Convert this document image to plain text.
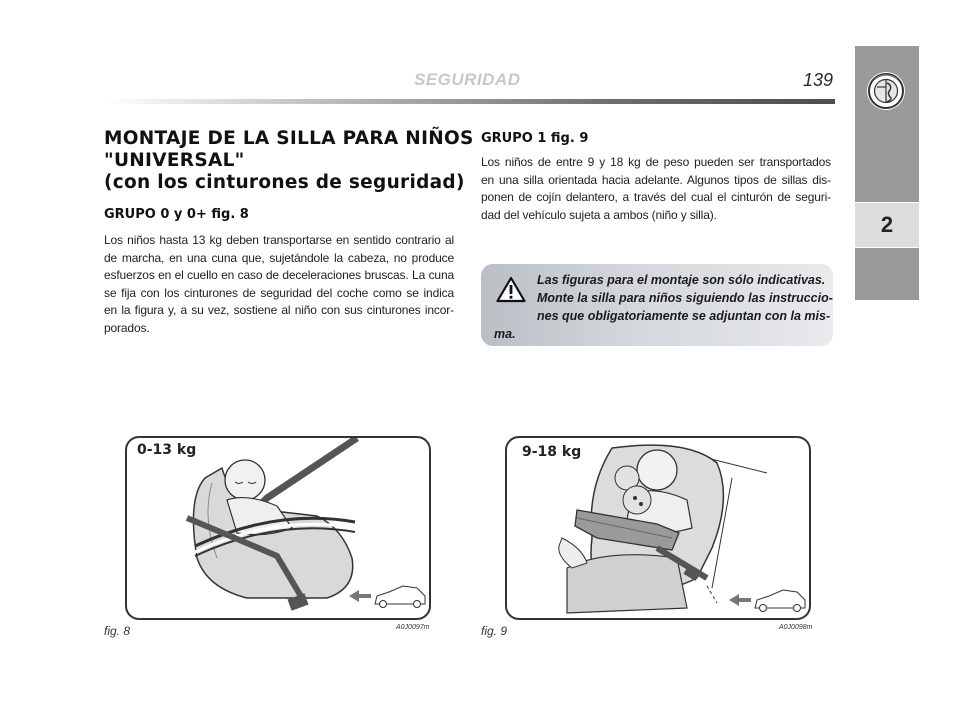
SEGURIDAD	139
2
MONTAJE DE LA SILLA PARA NIÑOS
"UNIVERSAL"
(con los cinturones de seguridad)
GRUPO 0 y 0+ fig. 8
Los niños hasta 13 kg deben transportarse en sentido contrario al
de marcha, en una cuna que, sujetándole la cabeza, no produce
esfuerzos en el cuello en caso de deceleraciones bruscas. La cuna
se fija con los cinturones de seguridad del coche como se indica
en la figura y, a su vez, sostiene al niño con sus cinturones incor-
porados.
GRUPO 1 fig. 9
Los niños de entre 9 y 18 kg de peso pueden ser transportados
en una silla orientada hacia adelante. Algunos tipos de sillas dis-
ponen de cojín delantero, a través del cual el cinturón de seguri-
dad del vehículo sujeta a ambos (niño y silla).
Las figuras para el montaje son sólo indicativas.
Monte la silla para niños siguiendo las instruccio-
nes que obligatoriamente se adjuntan con la mis-
ma.
0-13 kg
fig. 8	A0J0097m
9-18 kg
fig. 9	A0J0098m
